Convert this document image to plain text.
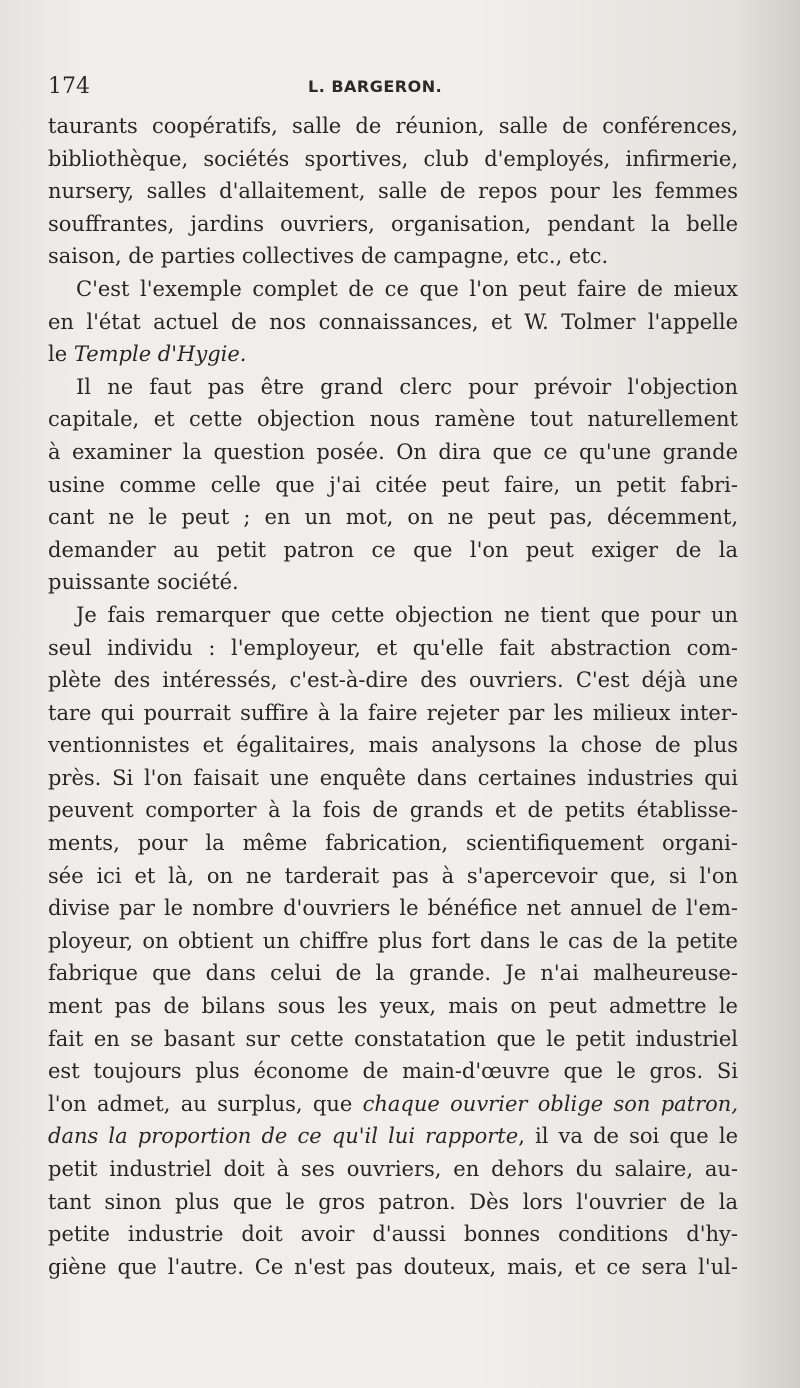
174	L. BARGERON.
taurants coopératifs, salle de réunion, salle de conférences,
bibliothèque, sociétés sportives, club d'employés, infirmerie,
nursery, salles d'allaitement, salle de repos pour les femmes
souffrantes, jardins ouvriers, organisation, pendant la belle
saison, de parties collectives de campagne, etc., etc.
C'est l'exemple complet de ce que l'on peut faire de mieux
en l'état actuel de nos connaissances, et W. Tolmer l'appelle
le Temple d'Hygie.
Il ne faut pas être grand clerc pour prévoir l'objection
capitale, et cette objection nous ramène tout naturellement
à examiner la question posée. On dira que ce qu'une grande
usine comme celle que j'ai citée peut faire, un petit fabri-
cant ne le peut ; en un mot, on ne peut pas, décemment,
demander au petit patron ce que l'on peut exiger de la
puissante société.
Je fais remarquer que cette objection ne tient que pour un
seul individu : l'employeur, et qu'elle fait abstraction com-
plète des intéressés, c'est-à-dire des ouvriers. C'est déjà une
tare qui pourrait suffire à la faire rejeter par les milieux inter-
ventionnistes et égalitaires, mais analysons la chose de plus
près. Si l'on faisait une enquête dans certaines industries qui
peuvent comporter à la fois de grands et de petits établisse-
ments, pour la même fabrication, scientifiquement organi-
sée ici et là, on ne tarderait pas à s'apercevoir que, si l'on
divise par le nombre d'ouvriers le bénéfice net annuel de l'em-
ployeur, on obtient un chiffre plus fort dans le cas de la petite
fabrique que dans celui de la grande. Je n'ai malheureuse-
ment pas de bilans sous les yeux, mais on peut admettre le
fait en se basant sur cette constatation que le petit industriel
est toujours plus économe de main-d'œuvre que le gros. Si
l'on admet, au surplus, que chaque ouvrier oblige son patron,
dans la proportion de ce qu'il lui rapporte, il va de soi que le
petit industriel doit à ses ouvriers, en dehors du salaire, au-
tant sinon plus que le gros patron. Dès lors l'ouvrier de la
petite industrie doit avoir d'aussi bonnes conditions d'hy-
giène que l'autre. Ce n'est pas douteux, mais, et ce sera l'ul-
